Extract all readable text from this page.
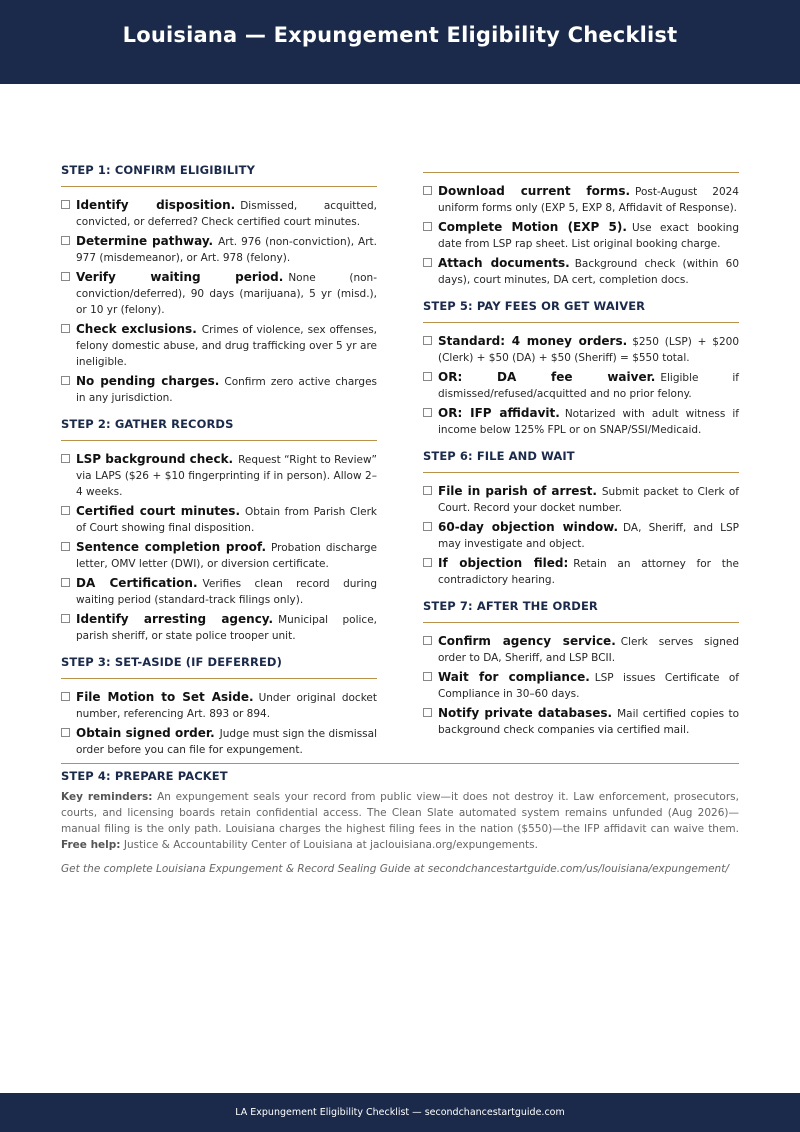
Louisiana — Expungement Eligibility Checklist
STEP 1: CONFIRM ELIGIBILITY
Identify disposition. Dismissed, acquitted, convicted, or deferred? Check certified court minutes.
Determine pathway. Art. 976 (non-conviction), Art. 977 (misdemeanor), or Art. 978 (felony).
Verify waiting period. None (non-conviction/deferred), 90 days (marijuana), 5 yr (misd.), or 10 yr (felony).
Check exclusions. Crimes of violence, sex offenses, felony domestic abuse, and drug trafficking over 5 yr are ineligible.
No pending charges. Confirm zero active charges in any jurisdiction.
STEP 2: GATHER RECORDS
LSP background check. Request “Right to Review” via LAPS ($26 + $10 fingerprinting if in person). Allow 2–4 weeks.
Certified court minutes. Obtain from Parish Clerk of Court showing final disposition.
Sentence completion proof. Probation discharge letter, OMV letter (DWI), or diversion certificate.
DA Certification. Verifies clean record during waiting period (standard-track filings only).
Identify arresting agency. Municipal police, parish sheriff, or state police trooper unit.
STEP 3: SET-ASIDE (IF DEFERRED)
File Motion to Set Aside. Under original docket number, referencing Art. 893 or 894.
Obtain signed order. Judge must sign the dismissal order before you can file for expungement.
STEP 4: PREPARE PACKET
Download current forms. Post-August 2024 uniform forms only (EXP 5, EXP 8, Affidavit of Response).
Complete Motion (EXP 5). Use exact booking date from LSP rap sheet. List original booking charge.
Attach documents. Background check (within 60 days), court minutes, DA cert, completion docs.
STEP 5: PAY FEES OR GET WAIVER
Standard: 4 money orders. $250 (LSP) + $200 (Clerk) + $50 (DA) + $50 (Sheriff) = $550 total.
OR: DA fee waiver. Eligible if dismissed/refused/acquitted and no prior felony.
OR: IFP affidavit. Notarized with adult witness if income below 125% FPL or on SNAP/SSI/Medicaid.
STEP 6: FILE AND WAIT
File in parish of arrest. Submit packet to Clerk of Court. Record your docket number.
60-day objection window. DA, Sheriff, and LSP may investigate and object.
If objection filed: Retain an attorney for the contradictory hearing.
STEP 7: AFTER THE ORDER
Confirm agency service. Clerk serves signed order to DA, Sheriff, and LSP BCII.
Wait for compliance. LSP issues Certificate of Compliance in 30–60 days.
Notify private databases. Mail certified copies to background check companies via certified mail.

Key reminders: An expungement seals your record from public view—it does not destroy it. Law enforcement, prosecutors, courts, and licensing boards retain confidential access. The Clean Slate automated system remains unfunded (Aug 2026)—manual filing is the only path. Louisiana charges the highest filing fees in the nation ($550)—the IFP affidavit can waive them. Free help: Justice & Accountability Center of Louisiana at jaclouisiana.org/expungements.

Get the complete Louisiana Expungement & Record Sealing Guide at secondchancestartguide.com/us/louisiana/expungement/

LA Expungement Eligibility Checklist — secondchancestartguide.com
